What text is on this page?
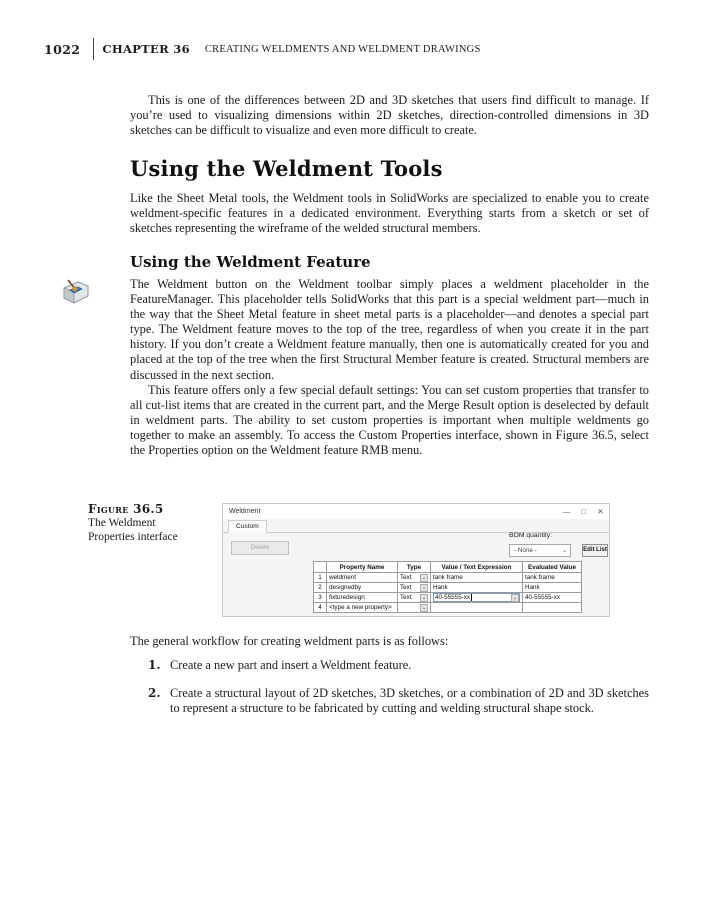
1022 CHAPTER 36 CREATING WELDMENTS AND WELDMENT DRAWINGS

This is one of the differences between 2D and 3D sketches that users find difficult to manage. If you’re used to visualizing dimensions within 2D sketches, direction-controlled dimensions in 3D sketches can be difficult to visualize and even more difficult to create.

Using the Weldment Tools

Like the Sheet Metal tools, the Weldment tools in SolidWorks are specialized to enable you to create weldment-specific features in a dedicated environment. Everything starts from a sketch or set of sketches representing the wireframe of the welded structural members.

Using the Weldment Feature

The Weldment button on the Weldment toolbar simply places a weldment placeholder in the FeatureManager. This placeholder tells SolidWorks that this part is a special weldment part—much in the way that the Sheet Metal feature in sheet metal parts is a placeholder—and denotes a special part type. The Weldment feature moves to the top of the tree, regardless of when you create it in the part history. If you don’t create a Weldment feature manually, then one is automatically created for you and placed at the top of the tree when the first Structural Member feature is created. Structural members are discussed in the next section.

This feature offers only a few special default settings: You can set custom properties that transfer to all cut-list items that are created in the current part, and the Merge Result option is deselected by default in weldment parts. The ability to set custom properties is important when multiple weldments go together to make an assembly. To access the Custom Properties interface, shown in Figure 36.5, select the Properties option on the Weldment feature RMB menu.

Figure 36.5
The Weldment
Properties interface
Weldment	—	□	✕
Custom
Delete
BOM quantity:
- None -	⌄	Edit List
	Property Name	Type	Value / Text Expression	Evaluated Value
1	weldment	Text ⌄	tank frame	tank frame
2	designedby	Text ⌄	Hank	Hank
3	fixturedesign	Text ⌄	40-55555-xx ⌄	40-55555-xx
4	<type a new property>	⌄		

The general workflow for creating weldment parts is as follows:

1. Create a new part and insert a Weldment feature.
2. Create a structural layout of 2D sketches, 3D sketches, or a combination of 2D and 3D sketches to represent a structure to be fabricated by cutting and welding structural shape stock.
